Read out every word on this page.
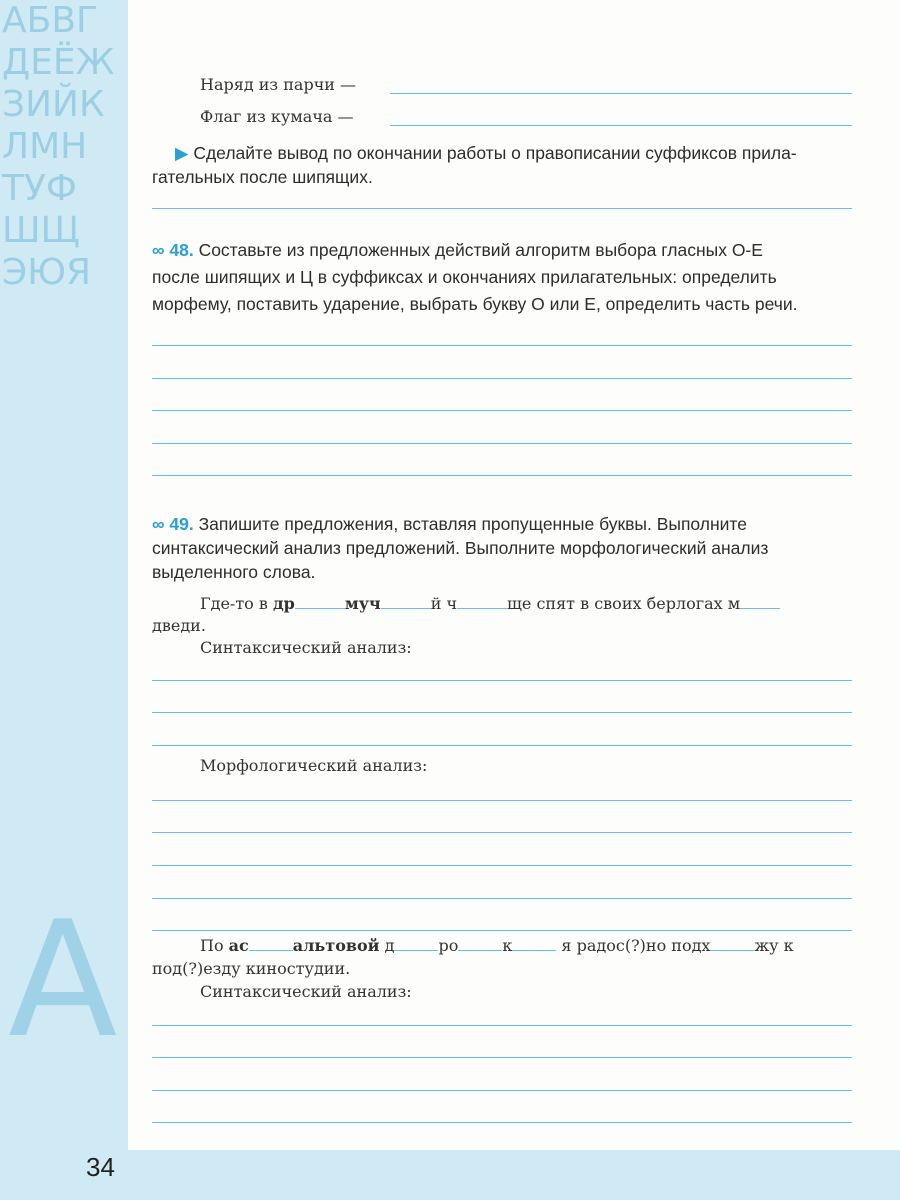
АБВГДЕЁЖ
ЗИЙК
ЛМН
ТУФ
ШЩ
ЭЮЯ
А
Наряд из парчи —
Флаг из кумача —
▶ Сделайте вывод по окончании работы о правописании суффиксов прила-
гательных после шипящих.
∞ 48. Составьте из предложенных действий алгоритм выбора гласных О-Е
после шипящих и Ц в суффиксах и окончаниях прилагательных: определить
морфему, поставить ударение, выбрать букву О или Е, определить часть речи.
∞ 49. Запишите предложения, вставляя пропущенные буквы. Выполните
синтаксический анализ предложений. Выполните морфологический анализ
выделенного слова.
Где-то в др	муч	й ч	ще спят в своих берлогах м
дведи.
Синтаксический анализ:
Морфологический анализ:
По ас	альтовой д	ро	к	я радос(?)но подх	жу к
под(?)езду киностудии.
Синтаксический анализ:
34
